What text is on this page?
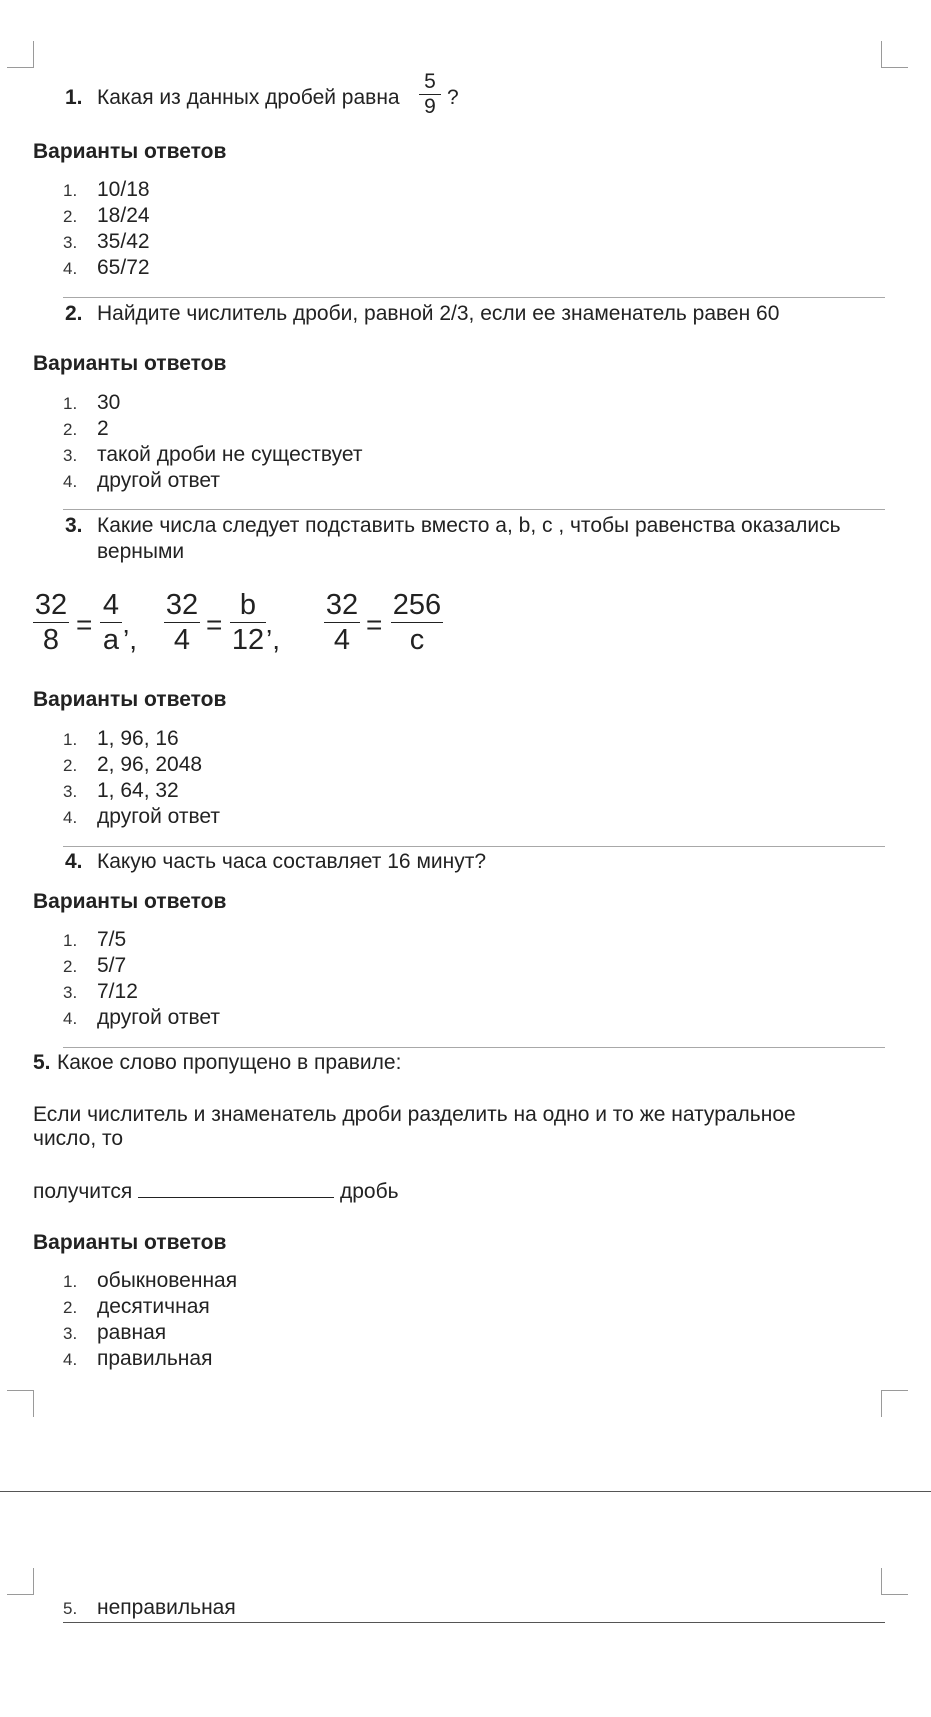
1. Какая из данных дробей равна
5
9 ?
Варианты ответов
1. 10/18
2. 18/24
3. 35/42
4. 65/72
2. Найдите числитель дроби, равной 2/3, если ее знаменатель равен 60
Варианты ответов
1. 30
2. 2
3. такой дроби не существует
4. другой ответ
3. Какие числа следует подставить вместо a, b, c , чтобы равенства оказались
верными
32
8 =
4
a ’,
32
4 =
b
12 ’,
32
4 =
256
c
Варианты ответов
1. 1, 96, 16
2. 2, 96, 2048
3. 1, 64, 32
4. другой ответ
4. Какую часть часа составляет 16 минут?
Варианты ответов
1. 7/5
2. 5/7
3. 7/12
4. другой ответ
5. Какое слово пропущено в правиле:
Если числитель и знаменатель дроби разделить на одно и то же натуральное
число, то
получится	дробь
Варианты ответов
1. обыкновенная
2. десятичная
3. равная
4. правильная
5. неправильная
